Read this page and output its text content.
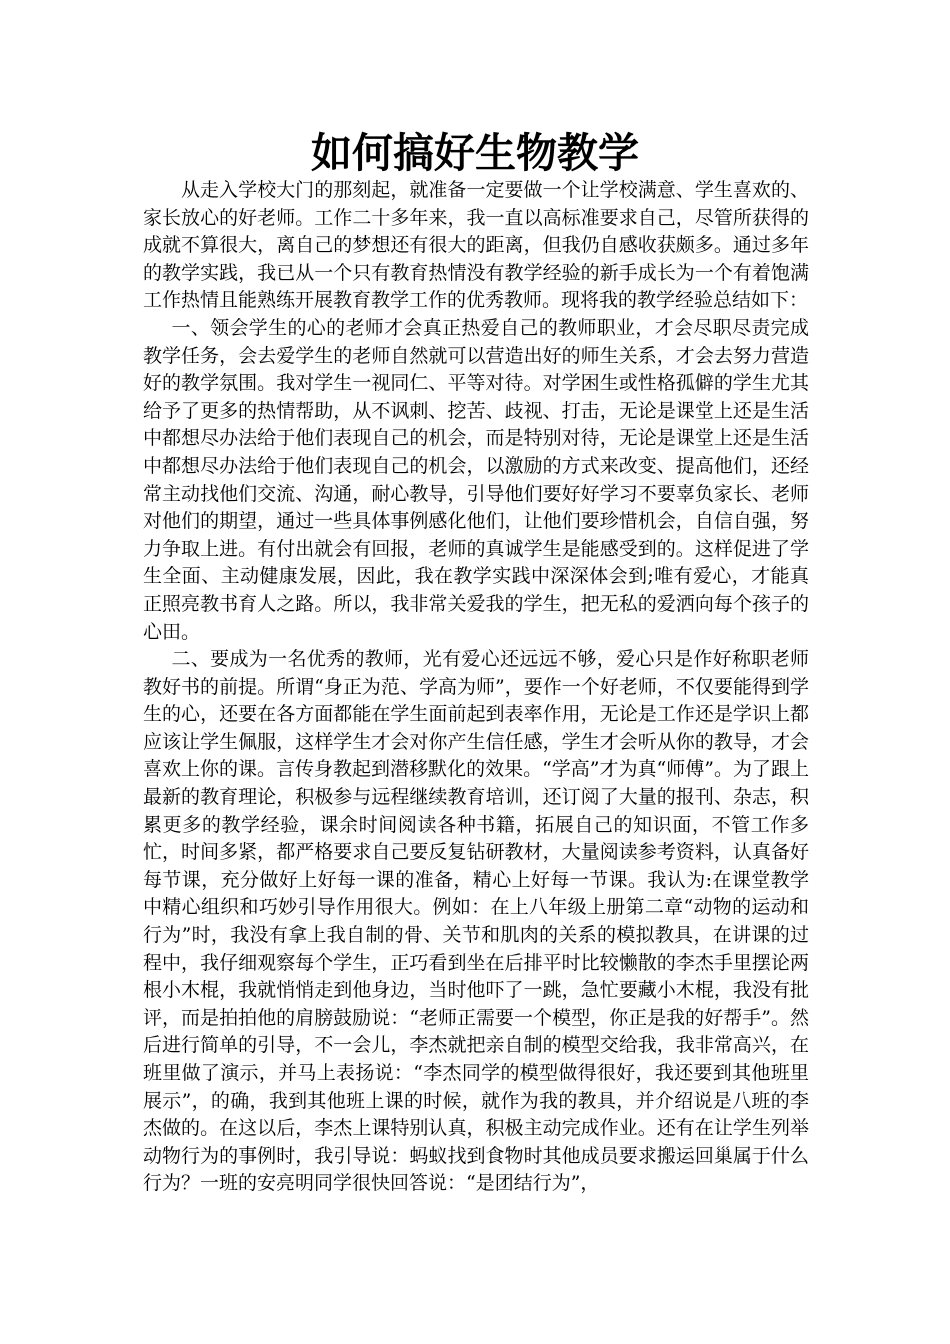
如何搞好生物教学

从走入学校大门的那刻起，就准备一定要做一个让学校满意、学生喜欢的、家长放心的好老师。工作二十多年来，我一直以高标准要求自己，尽管所获得的成就不算很大，离自己的梦想还有很大的距离，但我仍自感收获颇多。通过多年的教学实践，我已从一个只有教育热情没有教学经验的新手成长为一个有着饱满工作热情且能熟练开展教育教学工作的优秀教师。现将我的教学经验总结如下：

一、领会学生的心的老师才会真正热爱自己的教师职业，才会尽职尽责完成教学任务，会去爱学生的老师自然就可以营造出好的师生关系，才会去努力营造好的教学氛围。我对学生一视同仁、平等对待。对学困生或性格孤僻的学生尤其给予了更多的热情帮助，从不讽刺、挖苦、歧视、打击，无论是课堂上还是生活中都想尽办法给于他们表现自己的机会，而是特别对待，无论是课堂上还是生活中都想尽办法给于他们表现自己的机会，以激励的方式来改变、提高他们，还经常主动找他们交流、沟通，耐心教导，引导他们要好好学习不要辜负家长、老师对他们的期望，通过一些具体事例感化他们，让他们要珍惜机会，自信自强，努力争取上进。有付出就会有回报，老师的真诚学生是能感受到的。这样促进了学生全面、主动健康发展，因此，我在教学实践中深深体会到;唯有爱心，才能真正照亮教书育人之路。所以，我非常关爱我的学生，把无私的爱洒向每个孩子的心田。

二、要成为一名优秀的教师，光有爱心还远远不够，爱心只是作好称职老师教好书的前提。所谓“身正为范、学高为师”，要作一个好老师，不仅要能得到学生的心，还要在各方面都能在学生面前起到表率作用，无论是工作还是学识上都应该让学生佩服，这样学生才会对你产生信任感，学生才会听从你的教导，才会喜欢上你的课。言传身教起到潜移默化的效果。“学高”才为真“师傅”。为了跟上最新的教育理论，积极参与远程继续教育培训，还订阅了大量的报刊、杂志，积累更多的教学经验，课余时间阅读各种书籍，拓展自己的知识面，不管工作多忙，时间多紧，都严格要求自己要反复钻研教材，大量阅读参考资料，认真备好每节课，充分做好上好每一课的准备，精心上好每一节课。我认为:在课堂教学中精心组织和巧妙引导作用很大。例如：在上八年级上册第二章“动物的运动和行为”时，我没有拿上我自制的骨、关节和肌肉的关系的模拟教具，在讲课的过程中，我仔细观察每个学生，正巧看到坐在后排平时比较懒散的李杰手里摆论两根小木棍，我就悄悄走到他身边，当时他吓了一跳，急忙要藏小木棍，我没有批评，而是拍拍他的肩膀鼓励说：“老师正需要一个模型，你正是我的好帮手”。然后进行简单的引导，不一会儿，李杰就把亲自制的模型交给我，我非常高兴，在班里做了演示，并马上表扬说：“李杰同学的模型做得很好，我还要到其他班里展示”，的确，我到其他班上课的时候，就作为我的教具，并介绍说是八班的李杰做的。在这以后，李杰上课特别认真，积极主动完成作业。还有在让学生列举动物行为的事例时，我引导说：蚂蚁找到食物时其他成员要求搬运回巢属于什么行为？一班的安亮明同学很快回答说：“是团结行为”，
